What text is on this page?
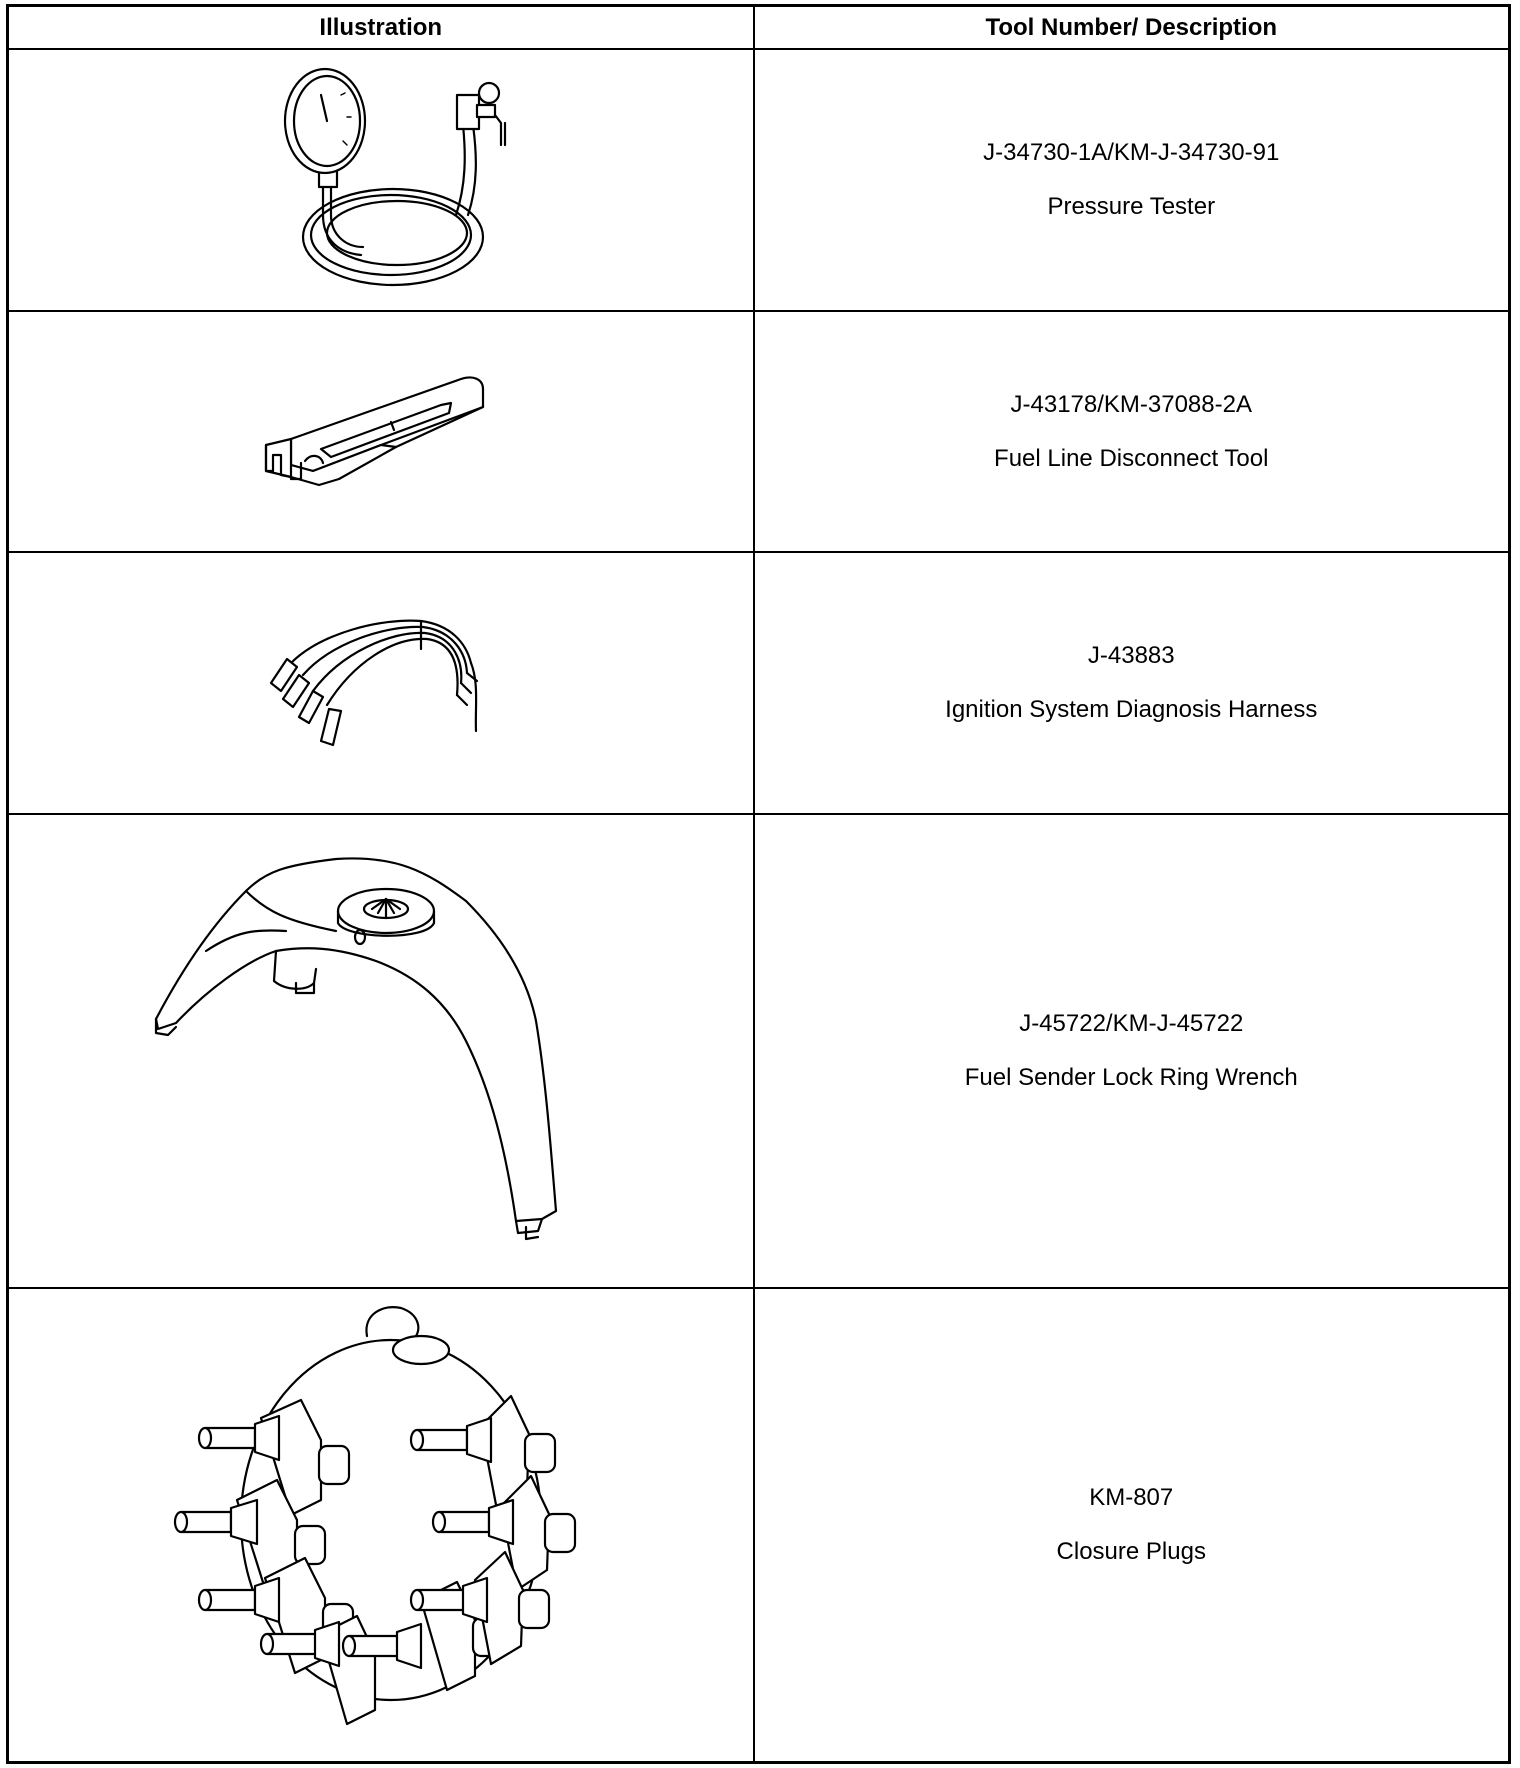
Illustration	Tool Number/ Description

J-34730-1A/KM-J-34730-91
Pressure Tester

J-43178/KM-37088-2A
Fuel Line Disconnect Tool

J-43883
Ignition System Diagnosis Harness

J-45722/KM-J-45722
Fuel Sender Lock Ring Wrench

KM-807
Closure Plugs
